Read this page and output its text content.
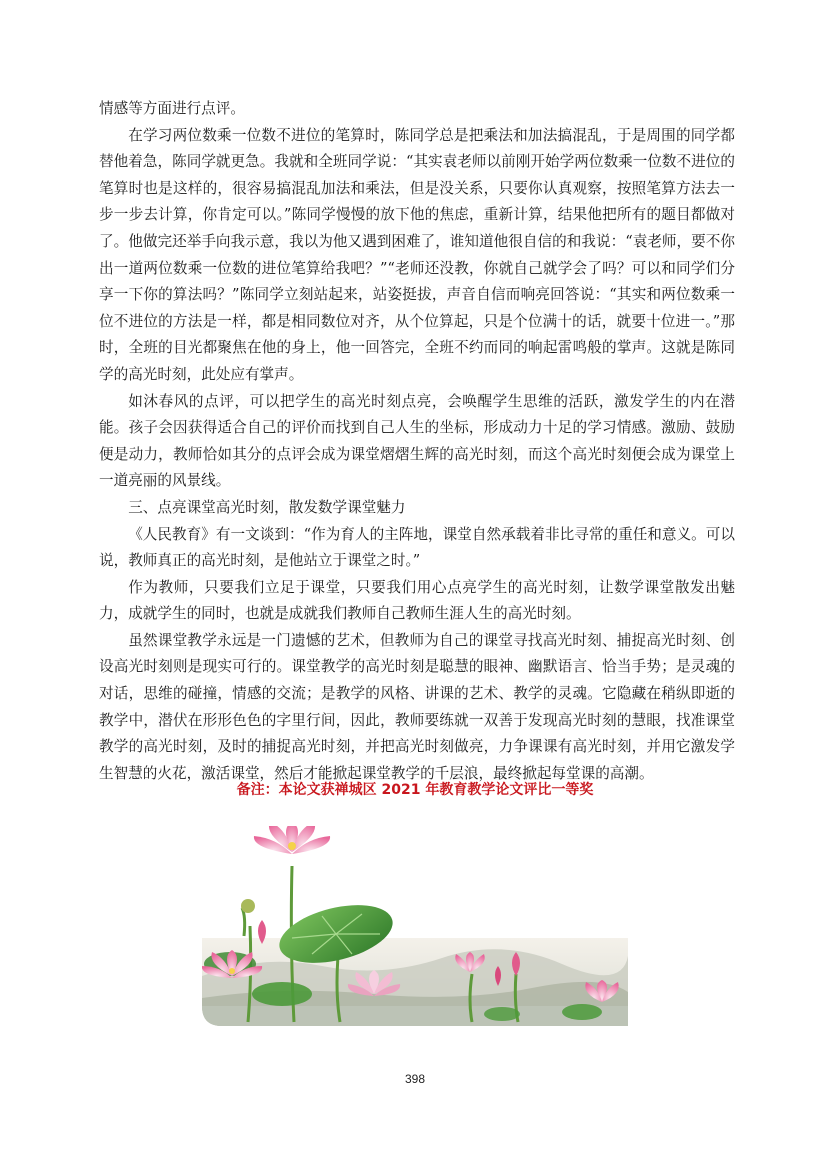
情感等方面进行点评。

在学习两位数乘一位数不进位的笔算时，陈同学总是把乘法和加法搞混乱，于是周围的同学都替他着急，陈同学就更急。我就和全班同学说：“其实袁老师以前刚开始学两位数乘一位数不进位的笔算时也是这样的，很容易搞混乱加法和乘法，但是没关系，只要你认真观察，按照笔算方法去一步一步去计算，你肯定可以。”陈同学慢慢的放下他的焦虑，重新计算，结果他把所有的题目都做对了。他做完还举手向我示意，我以为他又遇到困难了，谁知道他很自信的和我说：“袁老师，要不你出一道两位数乘一位数的进位笔算给我吧？”“老师还没教，你就自己就学会了吗？可以和同学们分享一下你的算法吗？”陈同学立刻站起来，站姿挺拔，声音自信而响亮回答说：“其实和两位数乘一位不进位的方法是一样，都是相同数位对齐，从个位算起，只是个位满十的话，就要十位进一。”那时，全班的目光都聚焦在他的身上，他一回答完，全班不约而同的响起雷鸣般的掌声。这就是陈同学的高光时刻，此处应有掌声。

如沐春风的点评，可以把学生的高光时刻点亮，会唤醒学生思维的活跃，激发学生的内在潜能。孩子会因获得适合自己的评价而找到自己人生的坐标，形成动力十足的学习情感。激励、鼓励便是动力，教师恰如其分的点评会成为课堂熠熠生辉的高光时刻，而这个高光时刻便会成为课堂上一道亮丽的风景线。

三、点亮课堂高光时刻，散发数学课堂魅力

《人民教育》有一文谈到：“作为育人的主阵地，课堂自然承载着非比寻常的重任和意义。可以说，教师真正的高光时刻，是他站立于课堂之时。”

作为教师，只要我们立足于课堂，只要我们用心点亮学生的高光时刻，让数学课堂散发出魅力，成就学生的同时，也就是成就我们教师自己教师生涯人生的高光时刻。

虽然课堂教学永远是一门遗憾的艺术，但教师为自己的课堂寻找高光时刻、捕捉高光时刻、创设高光时刻则是现实可行的。课堂教学的高光时刻是聪慧的眼神、幽默语言、恰当手势；是灵魂的对话，思维的碰撞，情感的交流；是教学的风格、讲课的艺术、教学的灵魂。它隐藏在稍纵即逝的教学中，潜伏在形形色色的字里行间，因此，教师要练就一双善于发现高光时刻的慧眼，找准课堂教学的高光时刻，及时的捕捉高光时刻，并把高光时刻做亮，力争课课有高光时刻，并用它激发学生智慧的火花，激活课堂，然后才能掀起课堂教学的千层浪，最终掀起每堂课的高潮。

备注：本论文获禅城区 2021 年教育教学论文评比一等奖
398
